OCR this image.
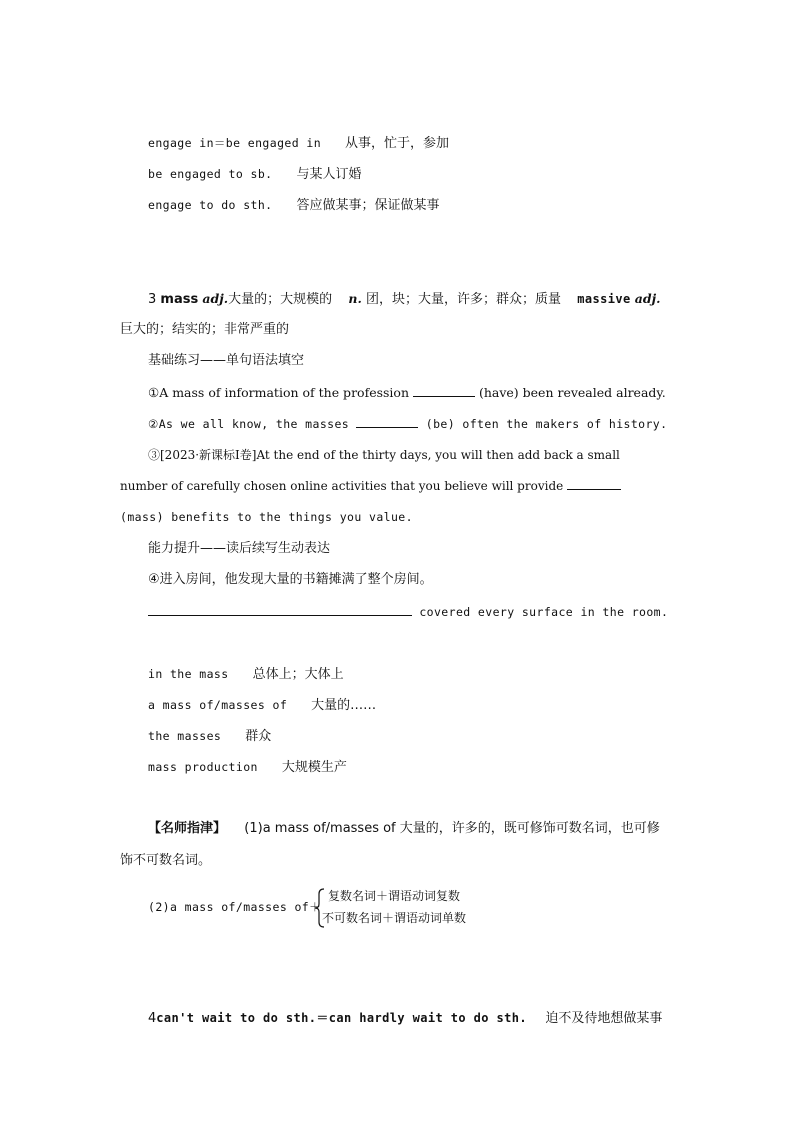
engage in＝be engaged in 从事，忙于，参加
be engaged to sb. 与某人订婚
engage to do sth. 答应做某事；保证做某事
3 mass adj.大量的；大规模的 n. 团，块；大量，许多；群众；质量 massive adj.
巨大的；结实的；非常严重的
基础练习——单句语法填空
①A mass of information of the profession	(have) been revealed already.
②As we all know, the masses	(be) often the makers of history.
③[2023·新课标Ⅰ卷]At the end of the thirty days, you will then add back a small
number of carefully chosen online activities that you believe will provide
(mass) benefits to the things you value.
能力提升——读后续写生动表达
④进入房间，他发现大量的书籍摊满了整个房间。
covered every surface in the room.
in the mass 总体上；大体上
a mass of/masses of 大量的……
the masses 群众
mass production 大规模生产
【名师指津】 (1)a mass of/masses of 大量的，许多的，既可修饰可数名词，也可修
饰不可数名词。
(2)a mass of/masses of＋
复数名词＋谓语动词复数
不可数名词＋谓语动词单数
4can't wait to do sth.＝can hardly wait to do sth. 迫不及待地想做某事
